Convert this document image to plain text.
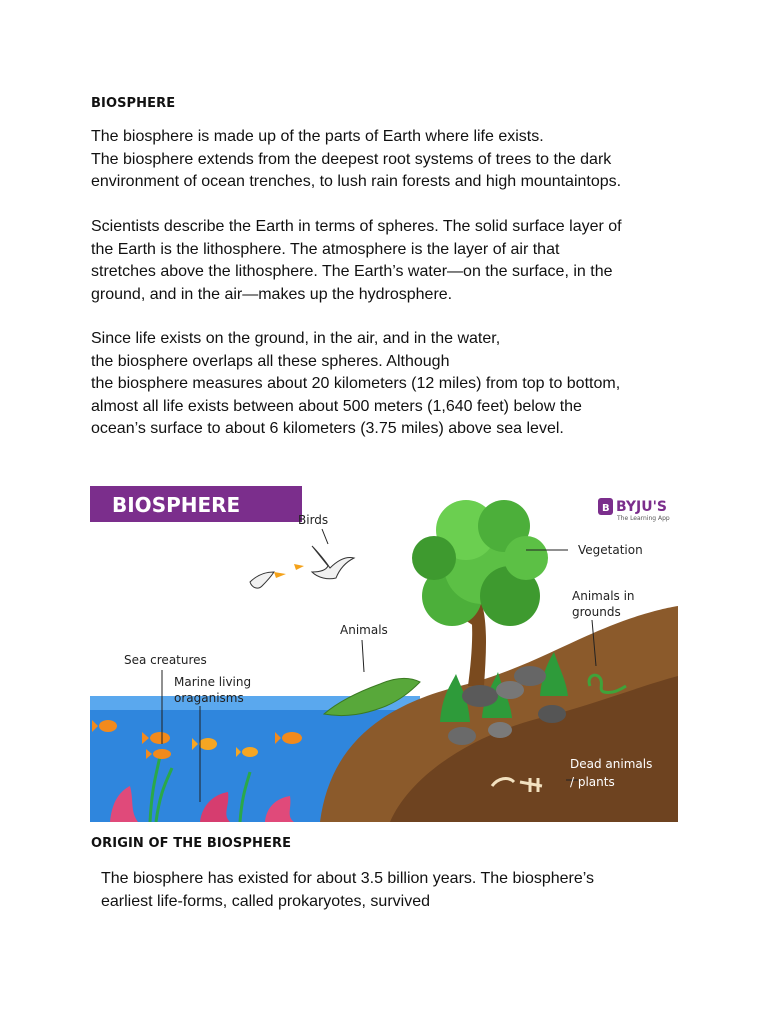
BIOSPHERE
The biosphere is made up of the parts of Earth where life exists.
The biosphere extends from the deepest root systems of trees to the dark
environment of ocean trenches, to lush rain forests and high mountaintops.
Scientists describe the Earth in terms of spheres. The solid surface layer of
the Earth is the lithosphere. The atmosphere is the layer of air that
stretches above the lithosphere. The Earth’s water—on the surface, in the
ground, and in the air—makes up the hydrosphere.
Since life exists on the ground, in the air, and in the water,
the biosphere overlaps all these spheres. Although
the biosphere measures about 20 kilometers (12 miles) from top to bottom,
almost all life exists between about 500 meters (1,640 feet) below the
ocean’s surface to about 6 kilometers (3.75 miles) above sea level.
BIOSPHERE	B BYJU'S
The Learning App
Birds
Vegetation
Animals in
grounds
Animals
Sea creatures
Marine living
oraganisms
Dead animals
/ plants
ORIGIN OF THE BIOSPHERE
The biosphere has existed for about 3.5 billion years. The biosphere’s
earliest life-forms, called prokaryotes, survived
